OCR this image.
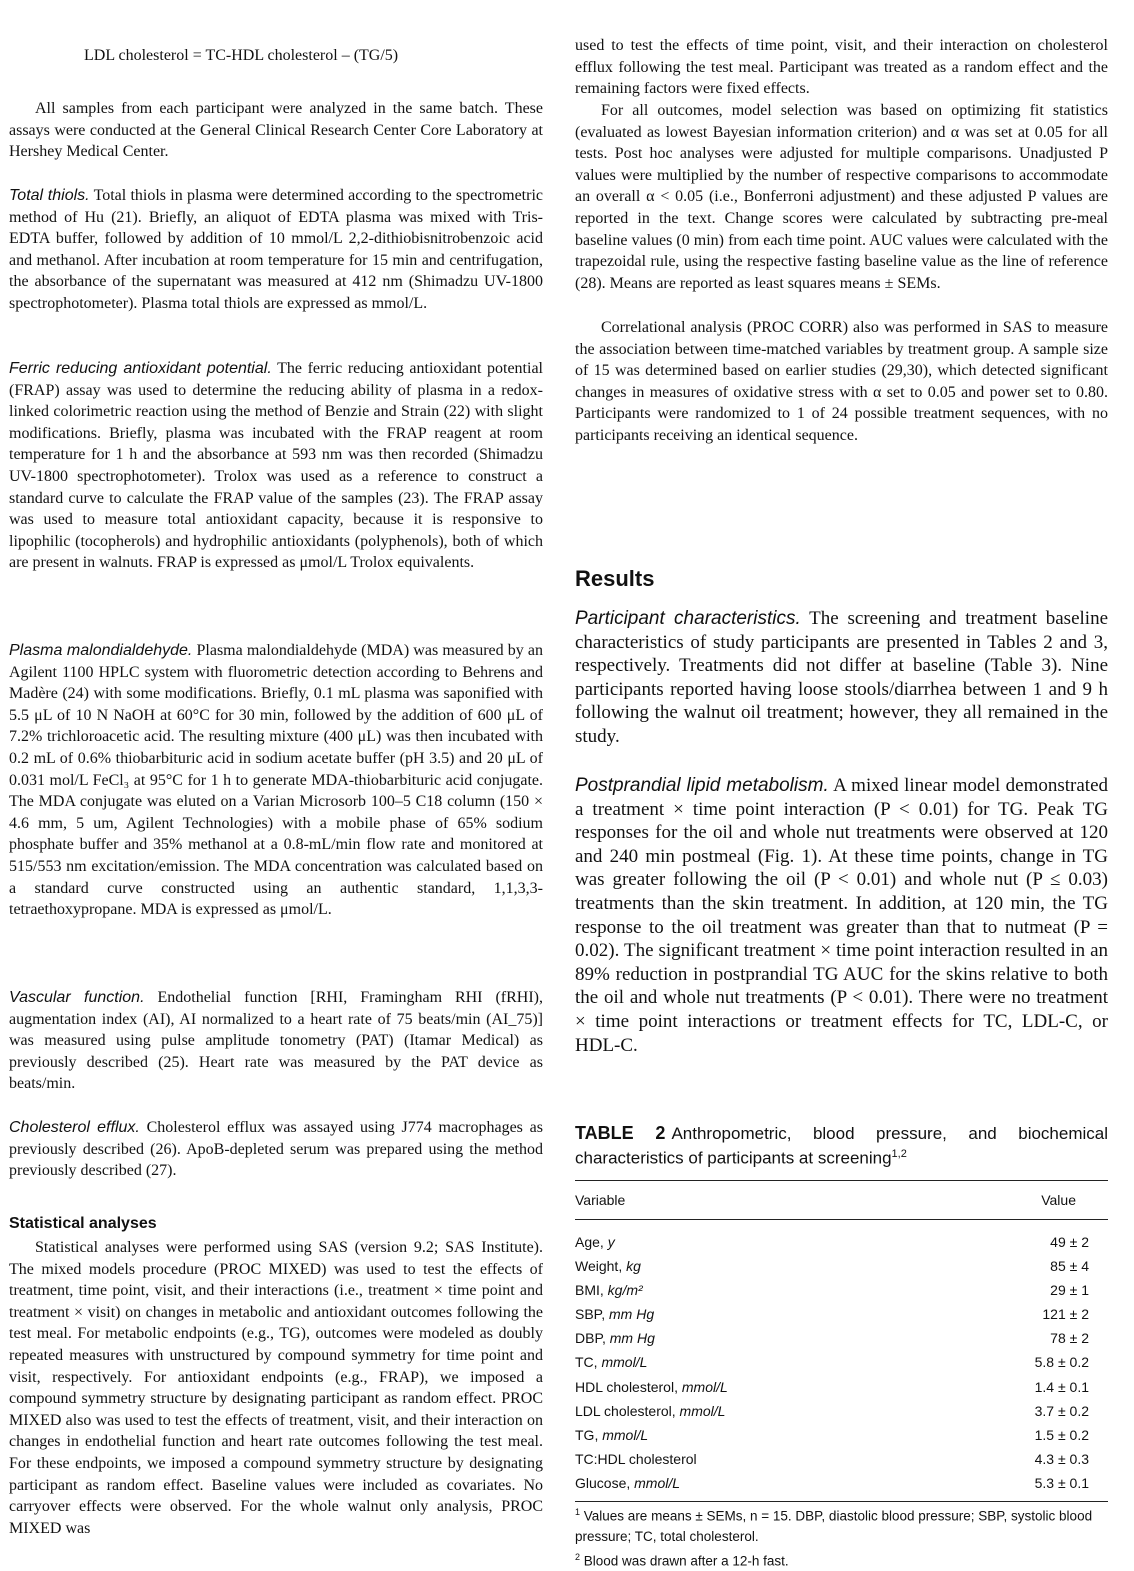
LDL cholesterol = TC-HDL cholesterol – (TG/5)

All samples from each participant were analyzed in the same batch. These assays were conducted at the General Clinical Research Center Core Laboratory at Hershey Medical Center.

Total thiols. Total thiols in plasma were determined according to the spectrometric method of Hu (21). Briefly, an aliquot of EDTA plasma was mixed with Tris-EDTA buffer, followed by addition of 10 mmol/L 2,2-dithiobisnitrobenzoic acid and methanol. After incubation at room temperature for 15 min and centrifugation, the absorbance of the supernatant was measured at 412 nm (Shimadzu UV-1800 spectrophotometer). Plasma total thiols are expressed as mmol/L.

Ferric reducing antioxidant potential. The ferric reducing antioxidant potential (FRAP) assay was used to determine the reducing ability of plasma in a redox-linked colorimetric reaction using the method of Benzie and Strain (22) with slight modifications. Briefly, plasma was incubated with the FRAP reagent at room temperature for 1 h and the absorbance at 593 nm was then recorded (Shimadzu UV-1800 spectrophotometer). Trolox was used as a reference to construct a standard curve to calculate the FRAP value of the samples (23). The FRAP assay was used to measure total antioxidant capacity, because it is responsive to lipophilic (tocopherols) and hydrophilic antioxidants (polyphenols), both of which are present in walnuts. FRAP is expressed as μmol/L Trolox equivalents.

Plasma malondialdehyde. Plasma malondialdehyde (MDA) was measured by an Agilent 1100 HPLC system with fluorometric detection according to Behrens and Madère (24) with some modifications. Briefly, 0.1 mL plasma was saponified with 5.5 μL of 10 N NaOH at 60°C for 30 min, followed by the addition of 600 μL of 7.2% trichloroacetic acid. The resulting mixture (400 μL) was then incubated with 0.2 mL of 0.6% thiobarbituric acid in sodium acetate buffer (pH 3.5) and 20 μL of 0.031 mol/L FeCl₃ at 95°C for 1 h to generate MDA-thiobarbituric acid conjugate. The MDA conjugate was eluted on a Varian Microsorb 100–5 C18 column (150 × 4.6 mm, 5 um, Agilent Technologies) with a mobile phase of 65% sodium phosphate buffer and 35% methanol at a 0.8-mL/min flow rate and monitored at 515/553 nm excitation/emission. The MDA concentration was calculated based on a standard curve constructed using an authentic standard, 1,1,3,3-tetraethoxypropane. MDA is expressed as μmol/L.

Vascular function. Endothelial function [RHI, Framingham RHI (fRHI), augmentation index (AI), AI normalized to a heart rate of 75 beats/min (AI_75)] was measured using pulse amplitude tonometry (PAT) (Itamar Medical) as previously described (25). Heart rate was measured by the PAT device as beats/min.

Cholesterol efflux. Cholesterol efflux was assayed using J774 macrophages as previously described (26). ApoB-depleted serum was prepared using the method previously described (27).

Statistical analyses

Statistical analyses were performed using SAS (version 9.2; SAS Institute). The mixed models procedure (PROC MIXED) was used to test the effects of treatment, time point, visit, and their interactions (i.e., treatment × time point and treatment × visit) on changes in metabolic and antioxidant outcomes following the test meal. For metabolic endpoints (e.g., TG), outcomes were modeled as doubly repeated measures with unstructured by compound symmetry for time point and visit, respectively. For antioxidant endpoints (e.g., FRAP), we imposed a compound symmetry structure by designating participant as random effect. PROC MIXED also was used to test the effects of treatment, visit, and their interaction on changes in endothelial function and heart rate outcomes following the test meal. For these endpoints, we imposed a compound symmetry structure by designating participant as random effect. Baseline values were included as covariates. No carryover effects were observed. For the whole walnut only analysis, PROC MIXED was

used to test the effects of time point, visit, and their interaction on cholesterol efflux following the test meal. Participant was treated as a random effect and the remaining factors were fixed effects.

For all outcomes, model selection was based on optimizing fit statistics (evaluated as lowest Bayesian information criterion) and α was set at 0.05 for all tests. Post hoc analyses were adjusted for multiple comparisons. Unadjusted P values were multiplied by the number of respective comparisons to accommodate an overall α < 0.05 (i.e., Bonferroni adjustment) and these adjusted P values are reported in the text. Change scores were calculated by subtracting pre-meal baseline values (0 min) from each time point. AUC values were calculated with the trapezoidal rule, using the respective fasting baseline value as the line of reference (28). Means are reported as least squares means ± SEMs.

Correlational analysis (PROC CORR) also was performed in SAS to measure the association between time-matched variables by treatment group. A sample size of 15 was determined based on earlier studies (29,30), which detected significant changes in measures of oxidative stress with α set to 0.05 and power set to 0.80. Participants were randomized to 1 of 24 possible treatment sequences, with no participants receiving an identical sequence.

Participant characteristics. The screening and treatment baseline characteristics of study participants are presented in Tables 2 and 3, respectively. Treatments did not differ at baseline (Table 3). Nine participants reported having loose stools/diarrhea between 1 and 9 h following the walnut oil treatment; however, they all remained in the study.

Postprandial lipid metabolism. A mixed linear model demonstrated a treatment × time point interaction (P < 0.01) for TG. Peak TG responses for the oil and whole nut treatments were observed at 120 and 240 min postmeal (Fig. 1). At these time points, change in TG was greater following the oil (P < 0.01) and whole nut (P ≤ 0.03) treatments than the skin treatment. In addition, at 120 min, the TG response to the oil treatment was greater than that to nutmeat (P = 0.02). The significant treatment × time point interaction resulted in an 89% reduction in postprandial TG AUC for the skins relative to both the oil and whole nut treatments (P < 0.01). There were no treatment × time point interactions or treatment effects for TC, LDL-C, or HDL-C.

Results

TABLE 2 Anthropometric, blood pressure, and biochemical characteristics of participants at screening$^{1,2}$

Variable	Value
Age, y	49 ± 2
Weight, kg	85 ± 4
BMI, kg/m²	29 ± 1
SBP, mm Hg	121 ± 2
DBP, mm Hg	78 ± 2
TC, mmol/L	5.8 ± 0.2
HDL cholesterol, mmol/L	1.4 ± 0.1
LDL cholesterol, mmol/L	3.7 ± 0.2
TG, mmol/L	1.5 ± 0.2
TC:HDL cholesterol	4.3 ± 0.3
Glucose, mmol/L	5.3 ± 0.1

$^1$ Values are means ± SEMs, n = 15. DBP, diastolic blood pressure; SBP, systolic blood pressure; TC, total cholesterol.

$^2$ Blood was drawn after a 12-h fast.
